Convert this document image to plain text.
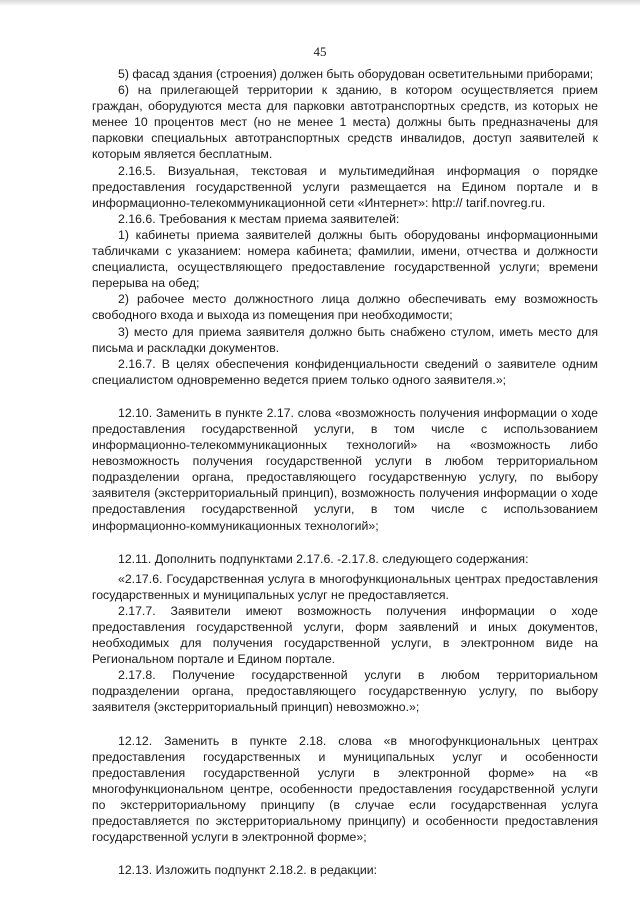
45

5) фасад здания (строения) должен быть оборудован осветительными приборами;

6) на прилегающей территории к зданию, в котором осуществляется прием граждан, оборудуются места для парковки автотранспортных средств, из которых не менее 10 процентов мест (но не менее 1 места) должны быть предназначены для парковки специальных автотранспортных средств инвалидов, доступ заявителей к которым является бесплатным.

2.16.5. Визуальная, текстовая и мультимедийная информация о порядке предоставления государственной услуги размещается на Едином портале и в информационно-телекоммуникационной сети «Интернет»: http:// tarif.novreg.ru.

2.16.6. Требования к местам приема заявителей:

1) кабинеты приема заявителей должны быть оборудованы информационными табличками с указанием: номера кабинета; фамилии, имени, отчества и должности специалиста, осуществляющего предоставление государственной услуги; времени перерыва на обед;

2) рабочее место должностного лица должно обеспечивать ему возможность свободного входа и выхода из помещения при необходимости;

3) место для приема заявителя должно быть снабжено стулом, иметь место для письма и раскладки документов.

2.16.7. В целях обеспечения конфиденциальности сведений о заявителе одним специалистом одновременно ведется прием только одного заявителя.»;

12.10. Заменить в пункте 2.17. слова «возможность получения информации о ходе предоставления государственной услуги, в том числе с использованием информационно-телекоммуникационных технологий» на «возможность либо невозможность получения государственной услуги в любом территориальном подразделении органа, предоставляющего государственную услугу, по выбору заявителя (экстерриториальный принцип), возможность получения информации о ходе предоставления государственной услуги, в том числе с использованием информационно-коммуникационных технологий»;

12.11. Дополнить подпунктами 2.17.6. -2.17.8. следующего содержания:

«2.17.6. Государственная услуга в многофункциональных центрах предоставления государственных и муниципальных услуг не предоставляется.

2.17.7. Заявители имеют возможность получения информации о ходе предоставления государственной услуги, форм заявлений и иных документов, необходимых для получения государственной услуги, в электронном виде на Региональном портале и Едином портале.

2.17.8. Получение государственной услуги в любом территориальном подразделении органа, предоставляющего государственную услугу, по выбору заявителя (экстерриториальный принцип) невозможно.»;

12.12. Заменить в пункте 2.18. слова «в многофункциональных центрах предоставления государственных и муниципальных услуг и особенности предоставления государственной услуги в электронной форме» на «в многофункциональном центре, особенности предоставления государственной услуги по экстерриториальному принципу (в случае если государственная услуга предоставляется по экстерриториальному принципу) и особенности предоставления государственной услуги в электронной форме»;

12.13. Изложить подпункт 2.18.2. в редакции:
